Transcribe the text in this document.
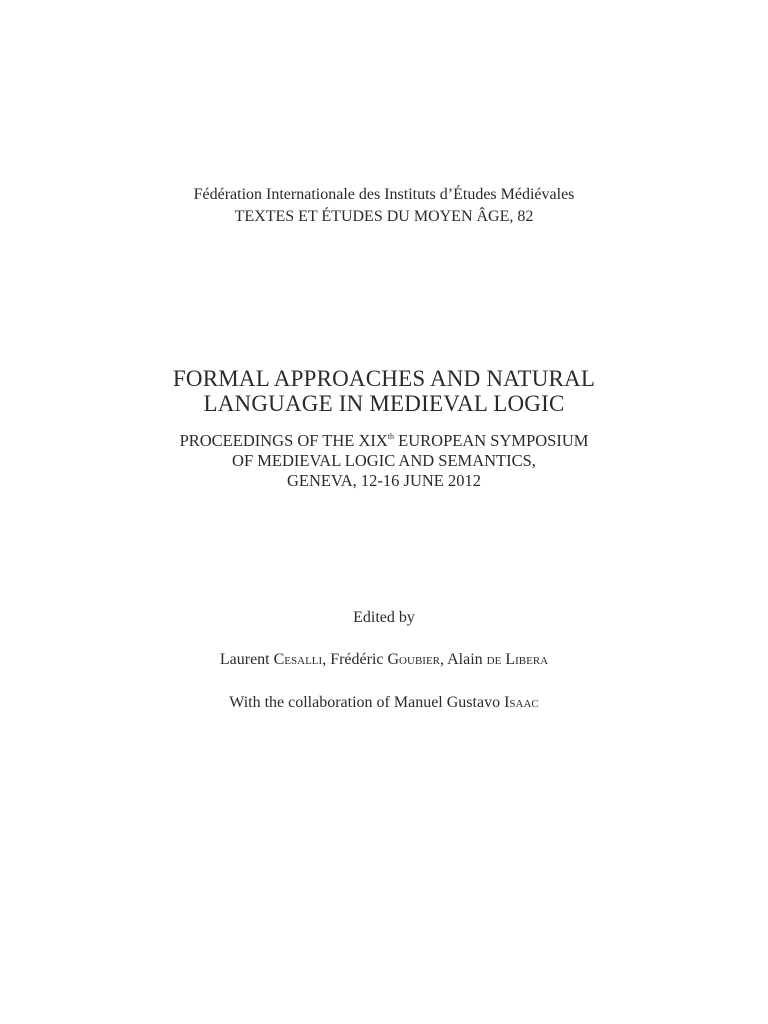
Fédération Internationale des Instituts d’Études Médiévales
TEXTES ET ÉTUDES DU MOYEN ÂGE, 82
FORMAL APPROACHES AND NATURAL
LANGUAGE IN MEDIEVAL LOGIC
PROCEEDINGS OF THE XIXth EUROPEAN SYMPOSIUM
OF MEDIEVAL LOGIC AND SEMANTICS,
GENEVA, 12-16 JUNE 2012
Edited by
Laurent Cesalli, Frédéric Goubier, Alain de Libera
With the collaboration of Manuel Gustavo Isaac
